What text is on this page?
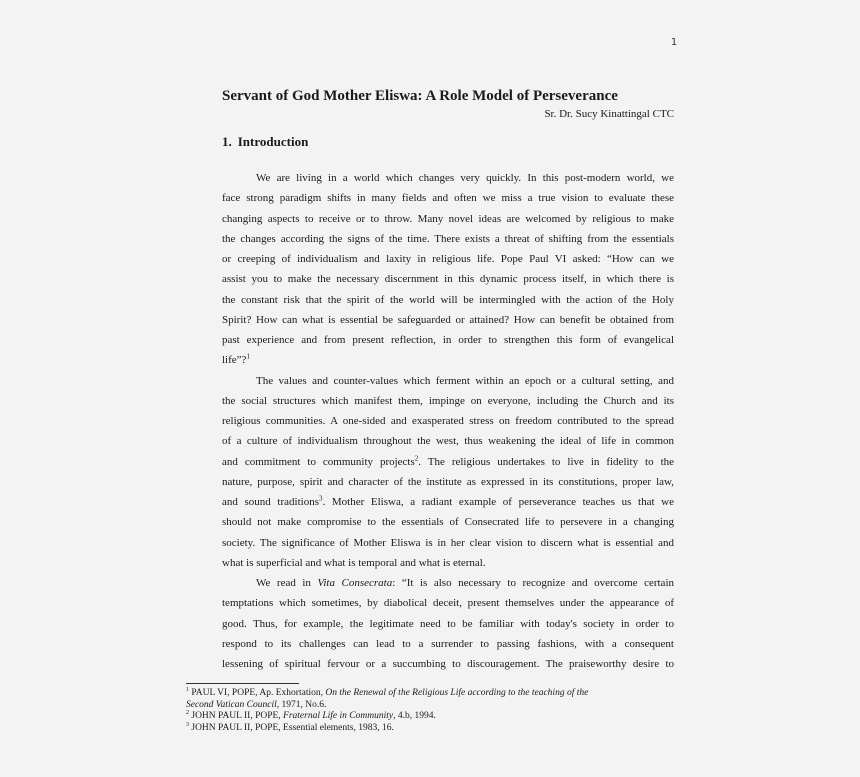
1
Servant of God Mother Eliswa: A Role Model of Perseverance
Sr. Dr. Sucy Kinattingal CTC
1. Introduction
We are living in a world which changes very quickly. In this post-modern world, we
face strong paradigm shifts in many fields and often we miss a true vision to evaluate these
changing aspects to receive or to throw. Many novel ideas are welcomed by religious to make
the changes according the signs of the time. There exists a threat of shifting from the essentials
or creeping of individualism and laxity in religious life. Pope Paul VI asked: “How can we
assist you to make the necessary discernment in this dynamic process itself, in which there is
the constant risk that the spirit of the world will be intermingled with the action of the Holy
Spirit? How can what is essential be safeguarded or attained? How can benefit be obtained from
past experience and from present reflection, in order to strengthen this form of evangelical
life”?$^1$
The values and counter-values which ferment within an epoch or a cultural setting, and
the social structures which manifest them, impinge on everyone, including the Church and its
religious communities. A one-sided and exasperated stress on freedom contributed to the spread
of a culture of individualism throughout the west, thus weakening the ideal of life in common
and commitment to community projects$^2$. The religious undertakes to live in fidelity to the
nature, purpose, spirit and character of the institute as expressed in its constitutions, proper law,
and sound traditions$^3$. Mother Eliswa, a radiant example of perseverance teaches us that we
should not make compromise to the essentials of Consecrated life to persevere in a changing
society. The significance of Mother Eliswa is in her clear vision to discern what is essential and
what is superficial and what is temporal and what is eternal.
We read in Vita Consecrata: “It is also necessary to recognize and overcome certain
temptations which sometimes, by diabolical deceit, present themselves under the appearance of
good. Thus, for example, the legitimate need to be familiar with today's society in order to
respond to its challenges can lead to a surrender to passing fashions, with a consequent
lessening of spiritual fervour or a succumbing to discouragement. The praiseworthy desire to
$^1$ PAUL VI, POPE, Ap. Exhortation, On the Renewal of the Religious Life according to the teaching of the
Second Vatican Council, 1971, No.6.
$^2$ JOHN PAUL II, POPE, Fraternal Life in Community, 4.b, 1994.
$^3$ JOHN PAUL II, POPE, Essential elements, 1983, 16.
